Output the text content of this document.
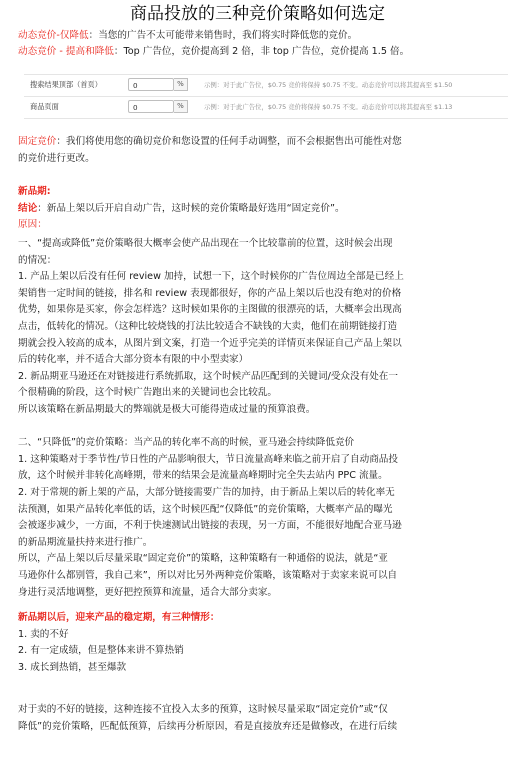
商品投放的三种竞价策略如何选定
动态竞价-仅降低：当您的广告不太可能带来销售时，我们将实时降低您的竞价。
动态竞价 - 提高和降低：Top 广告位，竞价提高到 2 倍，非 top 广告位，竞价提高 1.5 倍。
搜索结果顶部（首页）	0	%	示例：对于此广告位，$0.75 竞价将保持 $0.75 不变。动态竞价可以将其提高至 $1.50
商品页面	0	%	示例：对于此广告位，$0.75 竞价将保持 $0.75 不变。动态竞价可以将其提高至 $1.13
固定竞价：我们将使用您的确切竞价和您设置的任何手动调整，而不会根据售出可能性对您
的竞价进行更改。
新品期:
结论：新品上架以后开启自动广告，这时候的竞价策略最好选用“固定竞价”。
原因：
一、“提高或降低”竞价策略很大概率会使产品出现在一个比较靠前的位置，这时候会出现
的情况：
1. 产品上架以后没有任何 review 加持，试想一下，这个时候你的广告位周边全部是已经上
架销售一定时间的链接，排名和 review 表现都很好，你的产品上架以后也没有绝对的价格
优势，如果你是买家，你会怎样选？这时候如果你的主图做的很漂亮的话，大概率会出现高
点击，低转化的情况。（这种比较烧钱的打法比较适合不缺钱的大卖，他们在前期链接打造
期就会投入较高的成本，从图片到文案，打造一个近乎完美的详情页来保证自己产品上架以
后的转化率，并不适合大部分资本有限的中小型卖家）
2. 新品期亚马逊还在对链接进行系统抓取，这个时候产品匹配到的关键词/受众没有处在一
个很精确的阶段，这个时候广告跑出来的关键词也会比较乱。
所以该策略在新品期最大的弊端就是极大可能得造成过量的预算浪费。
二、“只降低”的竞价策略：当产品的转化率不高的时候，亚马逊会持续降低竞价
1. 这种策略对于季节性/节日性的产品影响很大，节日流量高峰来临之前开启了自动商品投
放，这个时候并非转化高峰期，带来的结果会是流量高峰期时完全失去站内 PPC 流量。
2. 对于常规的新上架的产品，大部分链接需要广告的加持，由于新品上架以后的转化率无
法预测，如果产品转化率低的话，这个时候匹配“仅降低”的竞价策略，大概率产品的曝光
会被逐步减少，一方面，不利于快速测试出链接的表现，另一方面，不能很好地配合亚马逊
的新品期流量扶持来进行推广。
所以，产品上架以后尽量采取“固定竞价”的策略，这种策略有一种通俗的说法，就是“亚
马逊你什么都别管，我自己来”，所以对比另外两种竞价策略，该策略对于卖家来说可以自
身进行灵活地调整，更好把控预算和流量，适合大部分卖家。
新品期以后，迎来产品的稳定期，有三种情形：
1. 卖的不好
2. 有一定成绩，但是整体来讲不算热销
3. 成长到热销，甚至爆款
对于卖的不好的链接，这种连接不宜投入太多的预算，这时候尽量采取“固定竞价”或“仅
降低”的竞价策略，匹配低预算，后续再分析原因，看是直接放弃还是做修改，在进行后续
